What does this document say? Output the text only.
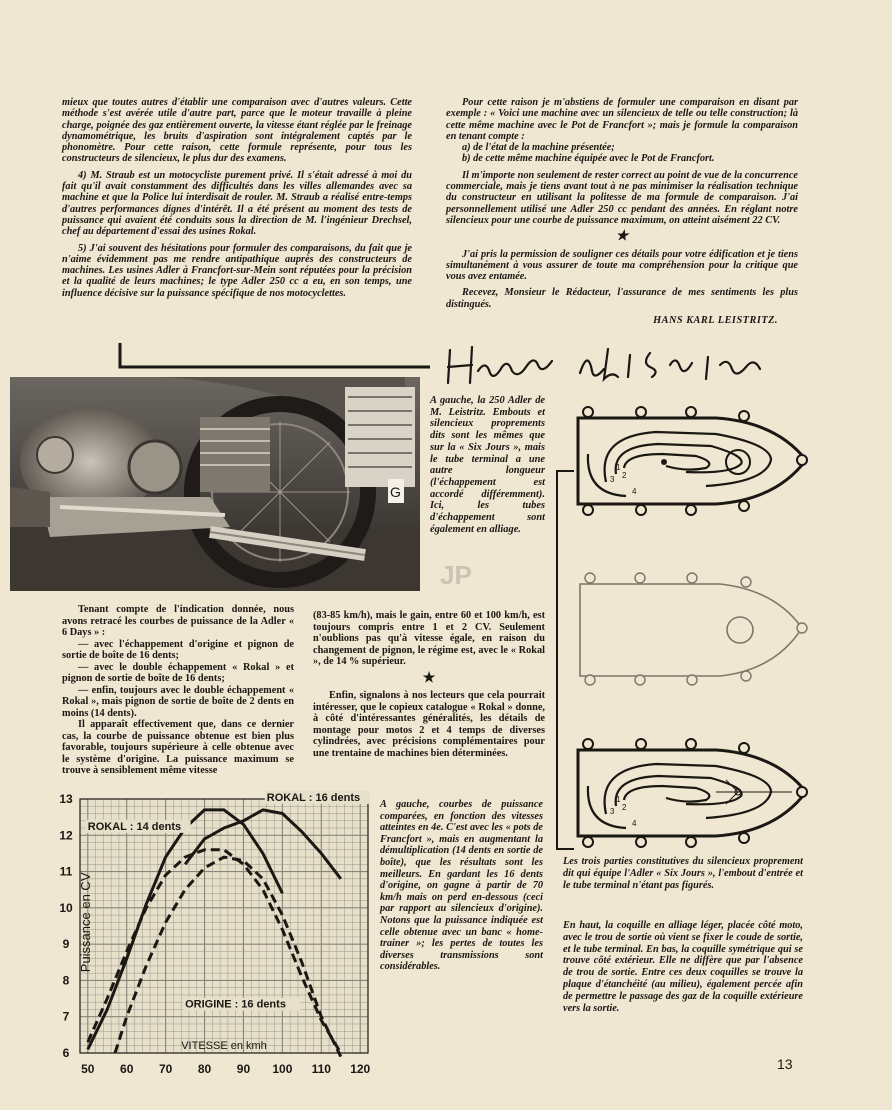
mieux que toutes autres d'établir une comparaison avec d'autres valeurs. Cette méthode s'est avérée utile d'autre part, parce que le moteur travaille à pleine charge, poignée des gaz entièrement ouverte, la vitesse étant réglée par le freinage dynamométrique, les bruits d'aspiration sont intégralement captés par le phonomètre. Pour cette raison, cette formule représente, pour tous les constructeurs de silencieux, le plus dur des examens.

4) M. Straub est un motocycliste purement privé. Il s'était adressé à moi du fait qu'il avait constamment des difficultés dans les villes allemandes avec sa machine et que la Police lui interdisait de rouler. M. Straub a réalisé entre-temps d'autres performances dignes d'intérêt. Il a été présent au moment des tests de puissance qui avaient été conduits sous la direction de M. l'ingénieur Drechsel, chef au département d'essai des usines Rokal.

5) J'ai souvent des hésitations pour formuler des comparaisons, du fait que je n'aime évidemment pas me rendre antipathique auprès des constructeurs de machines. Les usines Adler à Francfort-sur-Mein sont réputées pour la précision et la qualité de leurs machines; le type Adler 250 cc a eu, en son temps, une influence décisive sur la puissance spécifique de nos motocyclettes.

Pour cette raison je m'abstiens de formuler une comparaison en disant par exemple : « Voici une machine avec un silencieux de telle ou telle construction; là cette même machine avec le Pot de Francfort »; mais je formule la comparaison en tenant compte :

a) de l'état de la machine présentée;

b) de cette même machine équipée avec le Pot de Francfort.

Il m'importe non seulement de rester correct au point de vue de la concurrence commerciale, mais je tiens avant tout à ne pas minimiser la réalisation technique du constructeur en utilisant la politesse de ma formule de comparaison. J'ai personnellement utilisé une Adler 250 cc pendant des années. En réglant notre silencieux pour une courbe de puissance maximum, on atteint aisément 22 CV.

★

J'ai pris la permission de souligner ces détails pour votre édification et je tiens simultanément à vous assurer de toute ma compréhension pour la critique que vous avez entamée.

Recevez, Monsieur le Rédacteur, l'assurance de mes sentiments les plus distingués.

HANS KARL LEISTRITZ.
G
JP
A gauche, la 250 Adler de M. Leistritz. Embouts et silencieux proprements dits sont les mêmes que sur la « Six Jours », mais le tube terminal a une autre longueur (l'échappement est accordé différemment). Ici, les tubes d'échappement sont également en alliage.

Tenant compte de l'indication donnée, nous avons retracé les courbes de puissance de la Adler « 6 Days » :

— avec l'échappement d'origine et pignon de sortie de boîte de 16 dents;

— avec le double échappement « Rokal » et pignon de sortie de boîte de 16 dents;

— enfin, toujours avec le double échappement « Rokal », mais pignon de sortie de boîte de 2 dents en moins (14 dents).

Il apparaît effectivement que, dans ce dernier cas, la courbe de puissance obtenue est bien plus favorable, toujours supérieure à celle obtenue avec le système d'origine. La puissance maximum se trouve à sensiblement même vitesse

(83-85 km/h), mais le gain, entre 60 et 100 km/h, est toujours compris entre 1 et 2 CV. Seulement n'oublions pas qu'à vitesse égale, en raison du changement de pignon, le régime est, avec le « Rokal », de 14 % supérieur.

★

Enfin, signalons à nos lecteurs que cela pourrait intéresser, que le copieux catalogue « Rokal » donne, à côté d'intéressantes généralités, les détails de montage pour motos 2 et 4 temps de diverses cylindrées, avec précisions complémentaires pour une trentaine de machines bien déterminées.

50 60 70 80 90 100 110 120
6
7
8
9
10
11
12
13
VITESSE en kmh
Puissance en CV
ROKAL : 16 dents
ROKAL : 14 dents
ORIGINE : 16 dents
A gauche, courbes de puissance comparées, en fonction des vitesses atteintes en 4e. C'est avec les « pots de Francfort », mais en augmentant la démultiplication (14 dents en sortie de boîte), que les résultats sont les meilleurs. En gardant les 16 dents d'origine, on gagne à partir de 70 km/h mais on perd en-dessous (ceci par rapport au silencieux d'origine). Notons que la puissance indiquée est celle obtenue avec un banc « home-trainer »; les pertes de toutes les diverses transmissions sont considérables.
1
2
3
4
1
2
3
4
Les trois parties constitutives du silencieux proprement dit qui équipe l'Adler « Six Jours », l'embout d'entrée et le tube terminal n'étant pas figurés.
En haut, la coquille en alliage léger, placée côté moto, avec le trou de sortie où vient se fixer le coude de sortie, et le tube terminal. En bas, la coquille symétrique qui se trouve côté extérieur. Elle ne diffère que par l'absence de trou de sortie. Entre ces deux coquilles se trouve la plaque d'étanchéité (au milieu), également percée afin de permettre le passage des gaz de la coquille extérieure vers la sortie.
13
